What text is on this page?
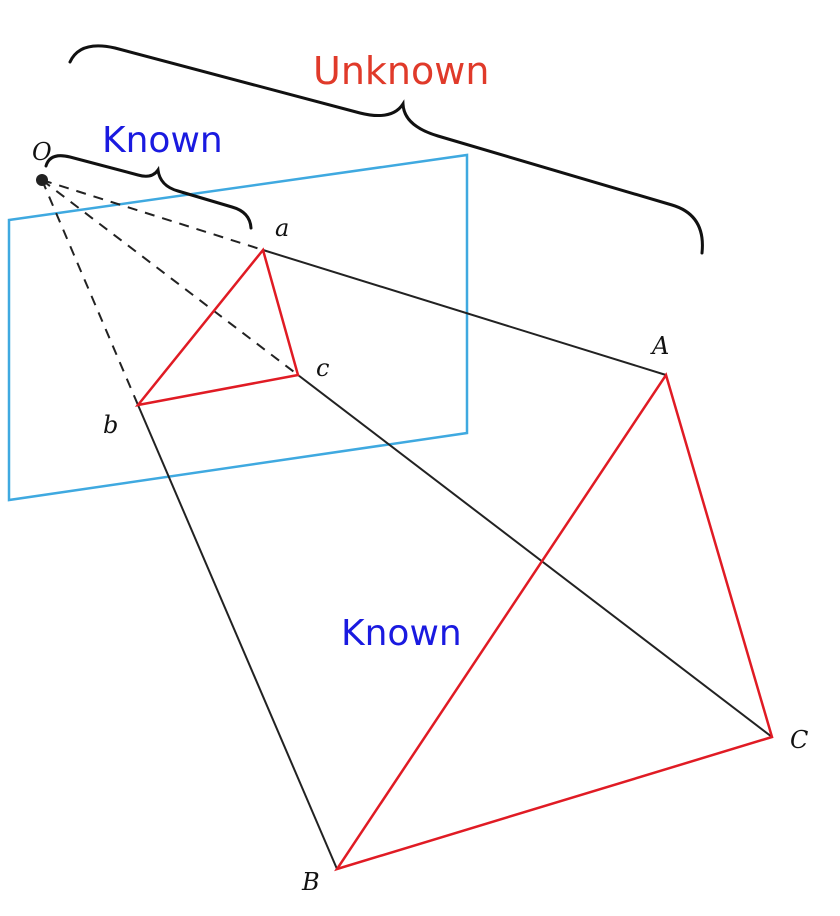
O
a
b
c
A
B
C
Unknown
Known
Known
